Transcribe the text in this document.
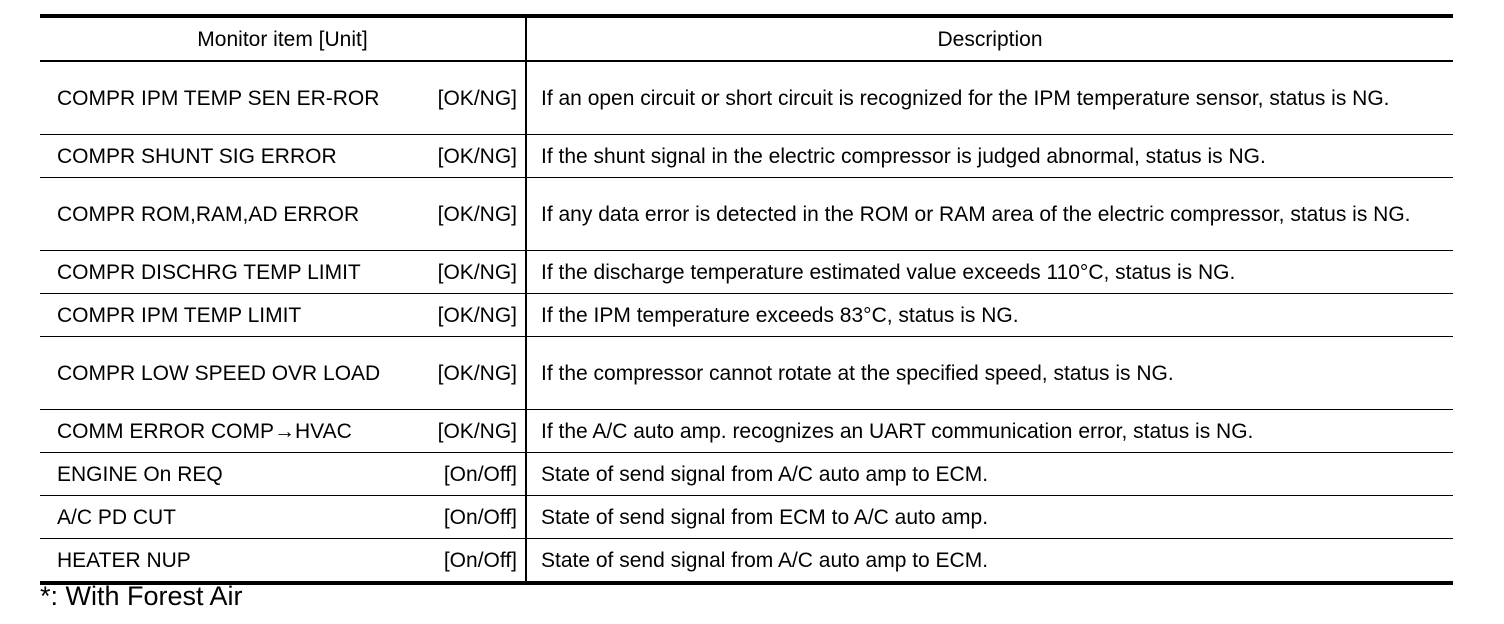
Monitor item [Unit]	Description

COMPR IPM TEMP SEN ER-ROR [OK/NG]	If an open circuit or short circuit is recognized for the IPM temperature sensor, status is NG.

COMPR SHUNT SIG ERROR [OK/NG]	If the shunt signal in the electric compressor is judged abnormal, status is NG.

COMPR ROM,RAM,AD ERROR [OK/NG]	If any data error is detected in the ROM or RAM area of the electric compressor, status is NG.

COMPR DISCHRG TEMP LIMIT [OK/NG]	If the discharge temperature estimated value exceeds 110°C, status is NG.

COMPR IPM TEMP LIMIT [OK/NG]	If the IPM temperature exceeds 83°C, status is NG.

COMPR LOW SPEED OVR LOAD [OK/NG]	If the compressor cannot rotate at the specified speed, status is NG.

COMM ERROR COMP→HVAC [OK/NG]	If the A/C auto amp. recognizes an UART communication error, status is NG.

ENGINE On REQ [On/Off]	State of send signal from A/C auto amp to ECM.

A/C PD CUT [On/Off]	State of send signal from ECM to A/C auto amp.

HEATER NUP [On/Off]	State of send signal from A/C auto amp to ECM.
*: With Forest Air
